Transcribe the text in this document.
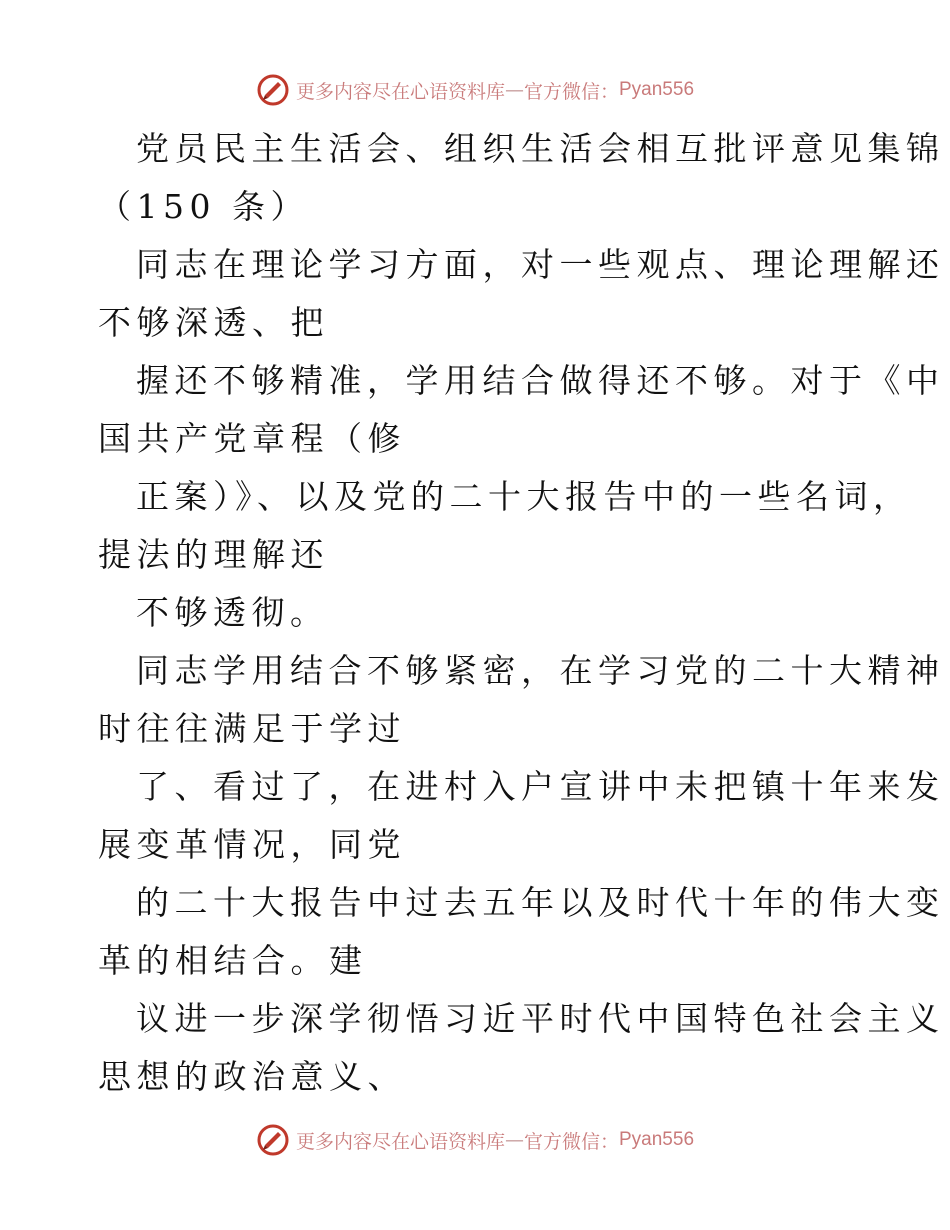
更多内容尽在心语资料库 — 官方微信： Pyan556
党员民主生活会、组织生活会相互批评意见集锦
（150 条）
同志在理论学习方面，对一些观点、理论理解还
不够深透、把
握还不够精准，学用结合做得还不够。对于《中
国共产党章程（修
正案）》、以及党的二十大报告中的一些名词，
提法的理解还
不够透彻。
同志学用结合不够紧密，在学习党的二十大精神
时往往满足于学过
了、看过了，在进村入户宣讲中未把镇十年来发
展变革情况，同党
的二十大报告中过去五年以及时代十年的伟大变
革的相结合。建
议进一步深学彻悟习近平时代中国特色社会主义
思想的政治意义、
更多内容尽在心语资料库 — 官方微信： Pyan556
